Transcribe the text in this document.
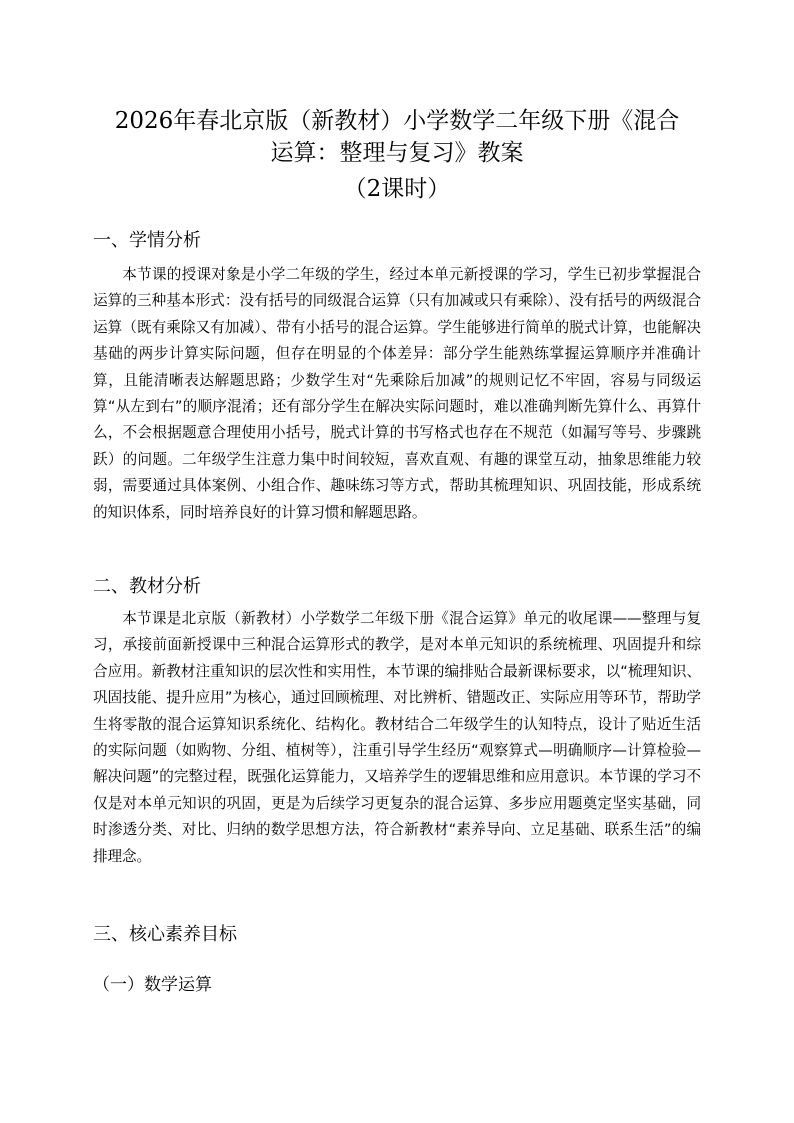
2026年春北京版（新教材）小学数学二年级下册《混合
运算：整理与复习》教案
（2课时）
一、学情分析

本节课的授课对象是小学二年级的学生，经过本单元新授课的学习，学生已初步掌握混合运算的三种基本形式：没有括号的同级混合运算（只有加减或只有乘除）、没有括号的两级混合运算（既有乘除又有加减）、带有小括号的混合运算。学生能够进行简单的脱式计算，也能解决基础的两步计算实际问题，但存在明显的个体差异：部分学生能熟练掌握运算顺序并准确计算，且能清晰表达解题思路；少数学生对“先乘除后加减”的规则记忆不牢固，容易与同级运算“从左到右”的顺序混淆；还有部分学生在解决实际问题时，难以准确判断先算什么、再算什么，不会根据题意合理使用小括号，脱式计算的书写格式也存在不规范（如漏写等号、步骤跳跃）的问题。二年级学生注意力集中时间较短，喜欢直观、有趣的课堂互动，抽象思维能力较弱，需要通过具体案例、小组合作、趣味练习等方式，帮助其梳理知识、巩固技能，形成系统的知识体系，同时培养良好的计算习惯和解题思路。

二、教材分析

本节课是北京版（新教材）小学数学二年级下册《混合运算》单元的收尾课——整理与复习，承接前面新授课中三种混合运算形式的教学，是对本单元知识的系统梳理、巩固提升和综合应用。新教材注重知识的层次性和实用性，本节课的编排贴合最新课标要求，以“梳理知识、巩固技能、提升应用”为核心，通过回顾梳理、对比辨析、错题改正、实际应用等环节，帮助学生将零散的混合运算知识系统化、结构化。教材结合二年级学生的认知特点，设计了贴近生活的实际问题（如购物、分组、植树等），注重引导学生经历“观察算式—明确顺序—计算检验—解决问题”的完整过程，既强化运算能力，又培养学生的逻辑思维和应用意识。本节课的学习不仅是对本单元知识的巩固，更是为后续学习更复杂的混合运算、多步应用题奠定坚实基础，同时渗透分类、对比、归纳的数学思想方法，符合新教材“素养导向、立足基础、联系生活”的编排理念。

三、核心素养目标
（一）数学运算
